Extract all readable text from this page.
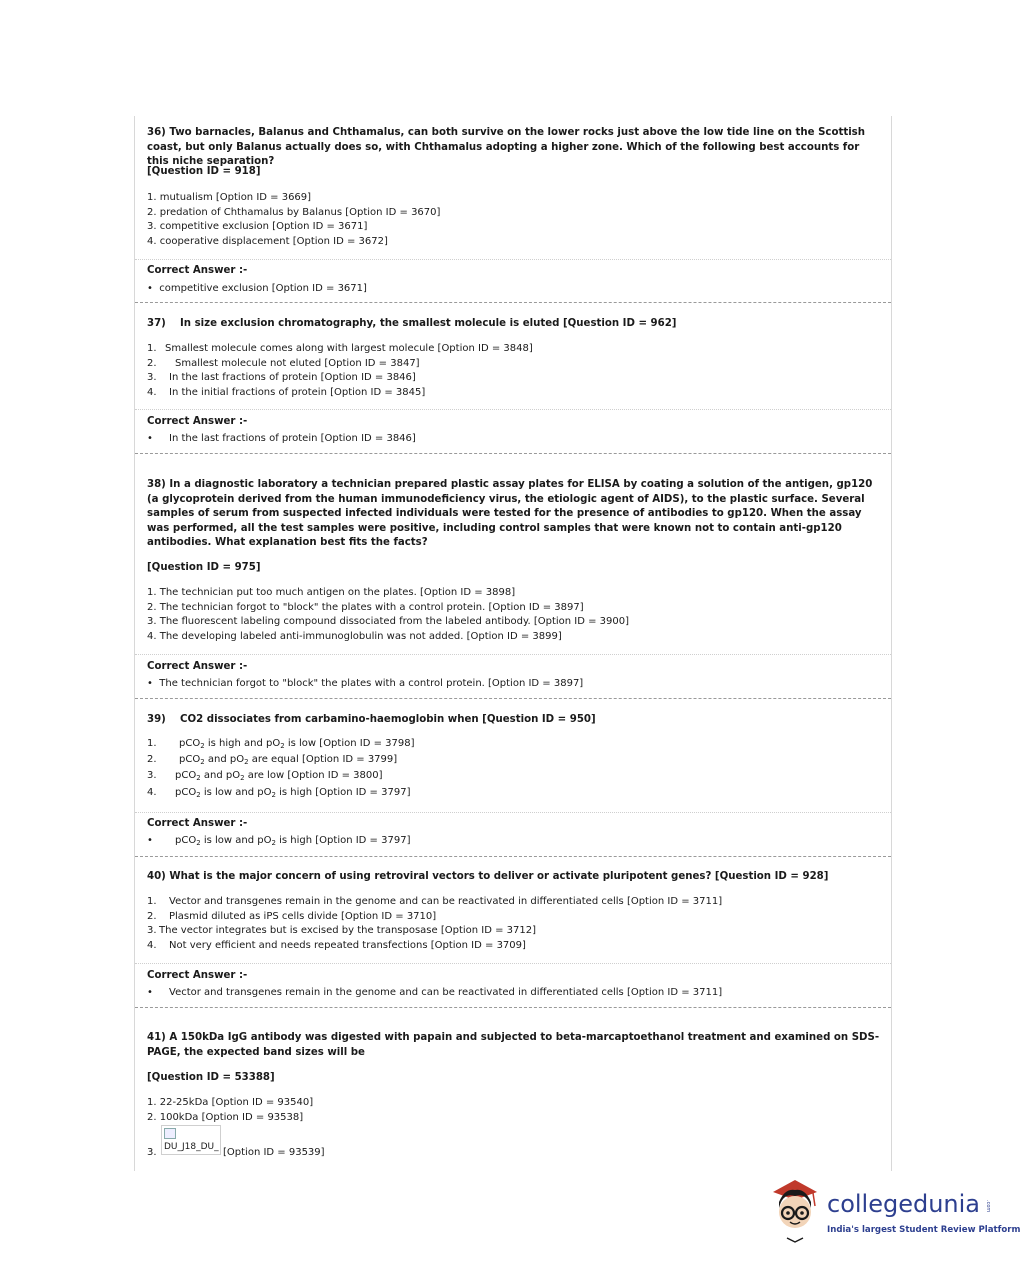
36) Two barnacles, Balanus and Chthamalus, can both survive on the lower rocks just above the low tide line on the Scottish coast, but only Balanus actually does so, with Chthamalus adopting a higher zone. Which of the following best accounts for this niche separation?
[Question ID = 918]
1. mutualism [Option ID = 3669]
2. predation of Chthamalus by Balanus [Option ID = 3670]
3. competitive exclusion [Option ID = 3671]
4. cooperative displacement [Option ID = 3672]
Correct Answer :-
• competitive exclusion [Option ID = 3671]
37) In size exclusion chromatography, the smallest molecule is eluted [Question ID = 962]
1. Smallest molecule comes along with largest molecule [Option ID = 3848]
2. Smallest molecule not eluted [Option ID = 3847]
3. In the last fractions of protein [Option ID = 3846]
4. In the initial fractions of protein [Option ID = 3845]
Correct Answer :-
• In the last fractions of protein [Option ID = 3846]
38) In a diagnostic laboratory a technician prepared plastic assay plates for ELISA by coating a solution of the antigen, gp120 (a glycoprotein derived from the human immunodeficiency virus, the etiologic agent of AIDS), to the plastic surface. Several samples of serum from suspected infected individuals were tested for the presence of antibodies to gp120. When the assay was performed, all the test samples were positive, including control samples that were known not to contain anti-gp120 antibodies. What explanation best fits the facts?
[Question ID = 975]
1. The technician put too much antigen on the plates. [Option ID = 3898]
2. The technician forgot to "block" the plates with a control protein. [Option ID = 3897]
3. The fluorescent labeling compound dissociated from the labeled antibody. [Option ID = 3900]
4. The developing labeled anti-immunoglobulin was not added. [Option ID = 3899]
Correct Answer :-
• The technician forgot to "block" the plates with a control protein. [Option ID = 3897]
39) CO2 dissociates from carbamino-haemoglobin when [Question ID = 950]
1. pCO$_2$ is high and $pO_2$ is low [Option ID = 3798]
2. pCO$_2$ and $pO_2$ are equal [Option ID = 3799]
3. pCO$_2$ and $pO_2$ are low [Option ID = 3800]
4. pCO$_2$ is low and $pO_2$ is high [Option ID = 3797]
Correct Answer :-
• pCO$_2$ is low and $pO_2$ is high [Option ID = 3797]
40) What is the major concern of using retroviral vectors to deliver or activate pluripotent genes? [Question ID = 928]
1. Vector and transgenes remain in the genome and can be reactivated in differentiated cells [Option ID = 3711]
2. Plasmid diluted as iPS cells divide [Option ID = 3710]
3. The vector integrates but is excised by the transposase [Option ID = 3712]
4. Not very efficient and needs repeated transfections [Option ID = 3709]
Correct Answer :-
• Vector and transgenes remain in the genome and can be reactivated in differentiated cells [Option ID = 3711]
41) A 150kDa IgG antibody was digested with papain and subjected to beta-marcaptoethanol treatment and examined on SDS-PAGE, the expected band sizes will be
[Question ID = 53388]
1. 22-25kDa [Option ID = 93540]
2. 100kDa [Option ID = 93538]
3. DU_J18_DU_ [Option ID = 93539]
collegedunia .com
India's largest Student Review Platform
